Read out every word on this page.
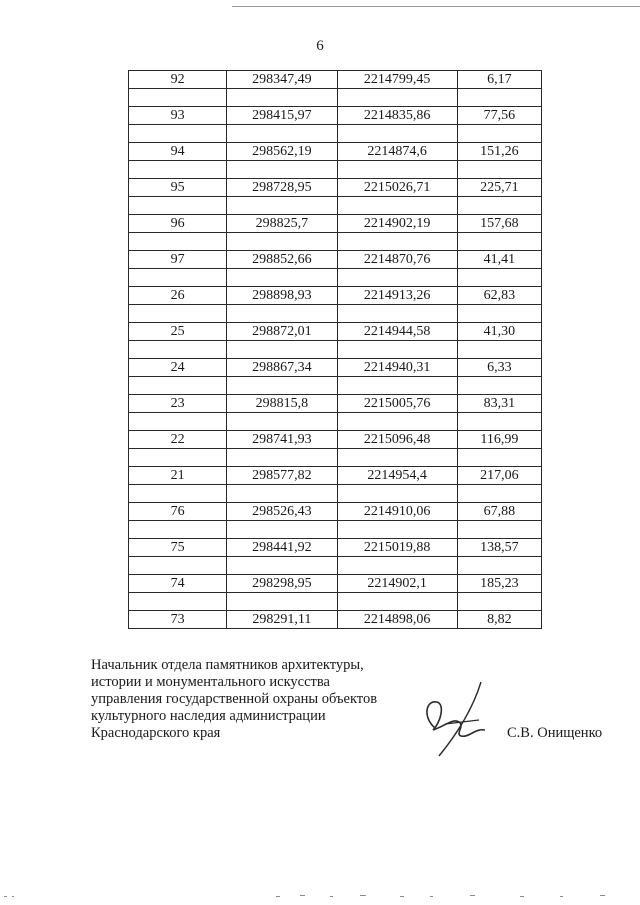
6
92	298347,49	2214799,45	6,17

93	298415,97	2214835,86	77,56

94	298562,19	2214874,6	151,26

95	298728,95	2215026,71	225,71

96	298825,7	2214902,19	157,68

97	298852,66	2214870,76	41,41

26	298898,93	2214913,26	62,83

25	298872,01	2214944,58	41,30

24	298867,34	2214940,31	6,33

23	298815,8	2215005,76	83,31

22	298741,93	2215096,48	116,99

21	298577,82	2214954,4	217,06

76	298526,43	2214910,06	67,88

75	298441,92	2215019,88	138,57

74	298298,95	2214902,1	185,23

73	298291,11	2214898,06	8,82
Начальник отдела памятников архитектуры,
истории и монументального искусства
управления государственной охраны объектов
культурного наследия администрации
Краснодарского края	С.В. Онищенко
